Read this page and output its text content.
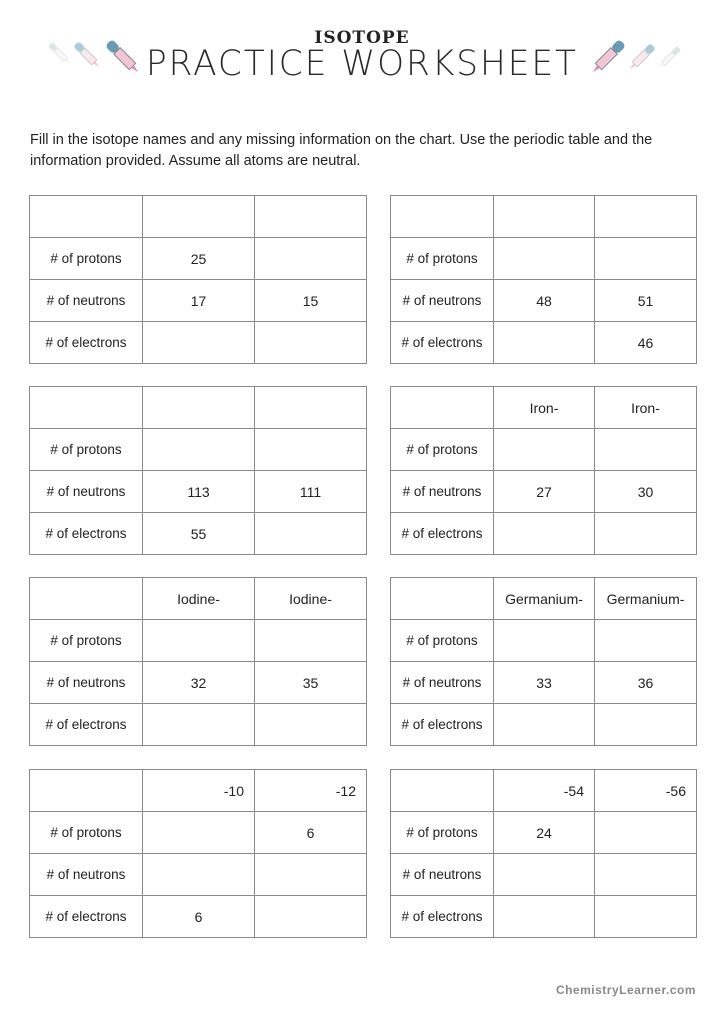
ISOTOPE
PRACTICE WORKSHEET
Fill in the isotope names and any missing information on the chart. Use the periodic table and the information provided. Assume all atoms are neutral.

# of protons	25	
# of neutrons	17	15
# of electrons		

# of protons		
# of neutrons	48	51
# of electrons		46

# of protons		
# of neutrons	113	111
# of electrons	55	
	Iron-	Iron-
# of protons		
# of neutrons	27	30
# of electrons		
	Iodine-	Iodine-
# of protons		
# of neutrons	32	35
# of electrons		
	Germanium-	Germanium-
# of protons		
# of neutrons	33	36
# of electrons		
	-10	-12
# of protons		6
# of neutrons		
# of electrons	6	
	-54	-56
# of protons	24	
# of neutrons		
# of electrons		
ChemistryLearner.com
